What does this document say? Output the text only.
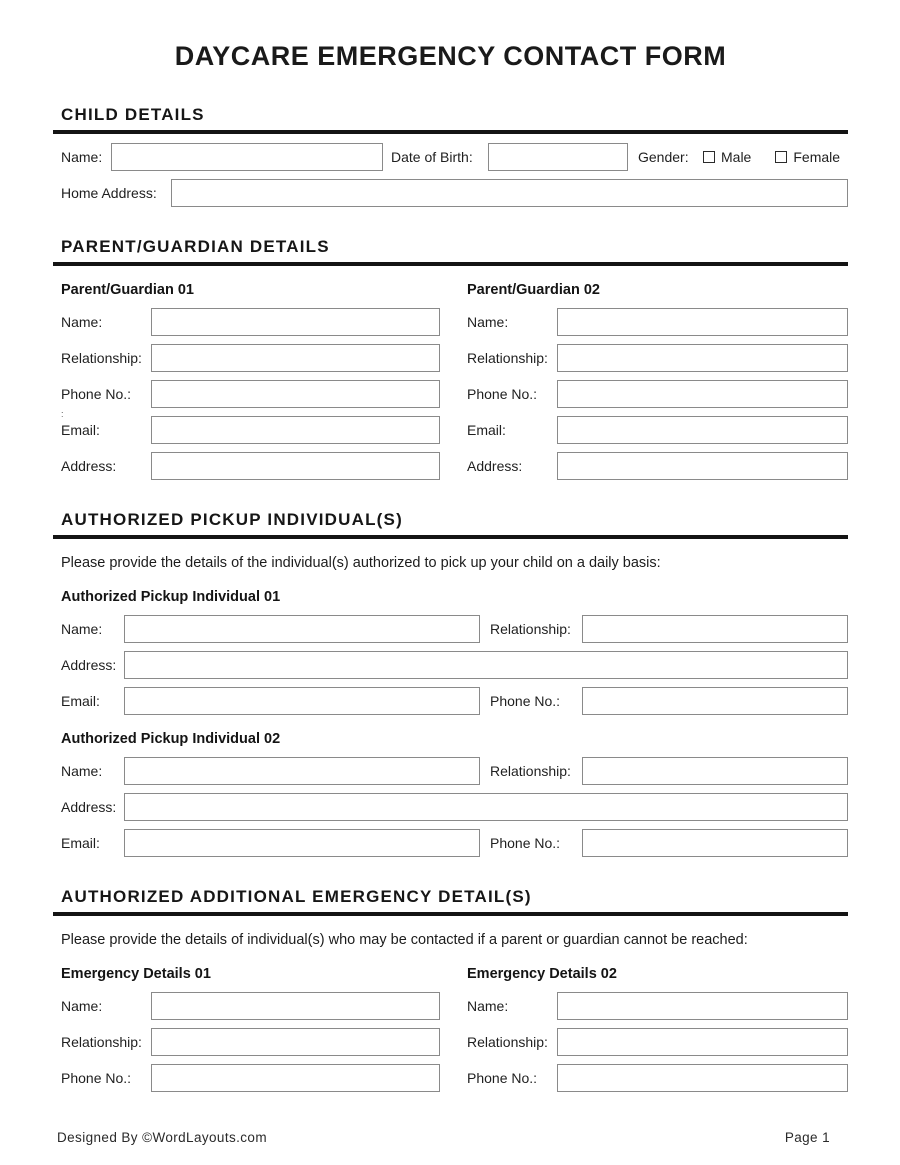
DAYCARE EMERGENCY CONTACT FORM
CHILD DETAILS
Name:	Date of Birth:	Gender:	Male	Female
Home Address:
PARENT/GUARDIAN DETAILS
Parent/Guardian 01
Name:
Relationship:
Phone No.:
:
Email:
Address:
Parent/Guardian 02
Name:
Relationship:
Phone No.:
Email:
Address:
AUTHORIZED PICKUP INDIVIDUAL(S)
Please provide the details of the individual(s) authorized to pick up your child on a daily basis:
Authorized Pickup Individual 01
Name:	Relationship:
Address:
Email:	Phone No.:
Authorized Pickup Individual 02
Name:	Relationship:
Address:
Email:	Phone No.:
AUTHORIZED ADDITIONAL EMERGENCY DETAIL(S)
Please provide the details of individual(s) who may be contacted if a parent or guardian cannot be reached:
Emergency Details 01
Name:
Relationship:
Phone No.:
Emergency Details 02
Name:
Relationship:
Phone No.:
Designed By ©WordLayouts.com	Page 1
